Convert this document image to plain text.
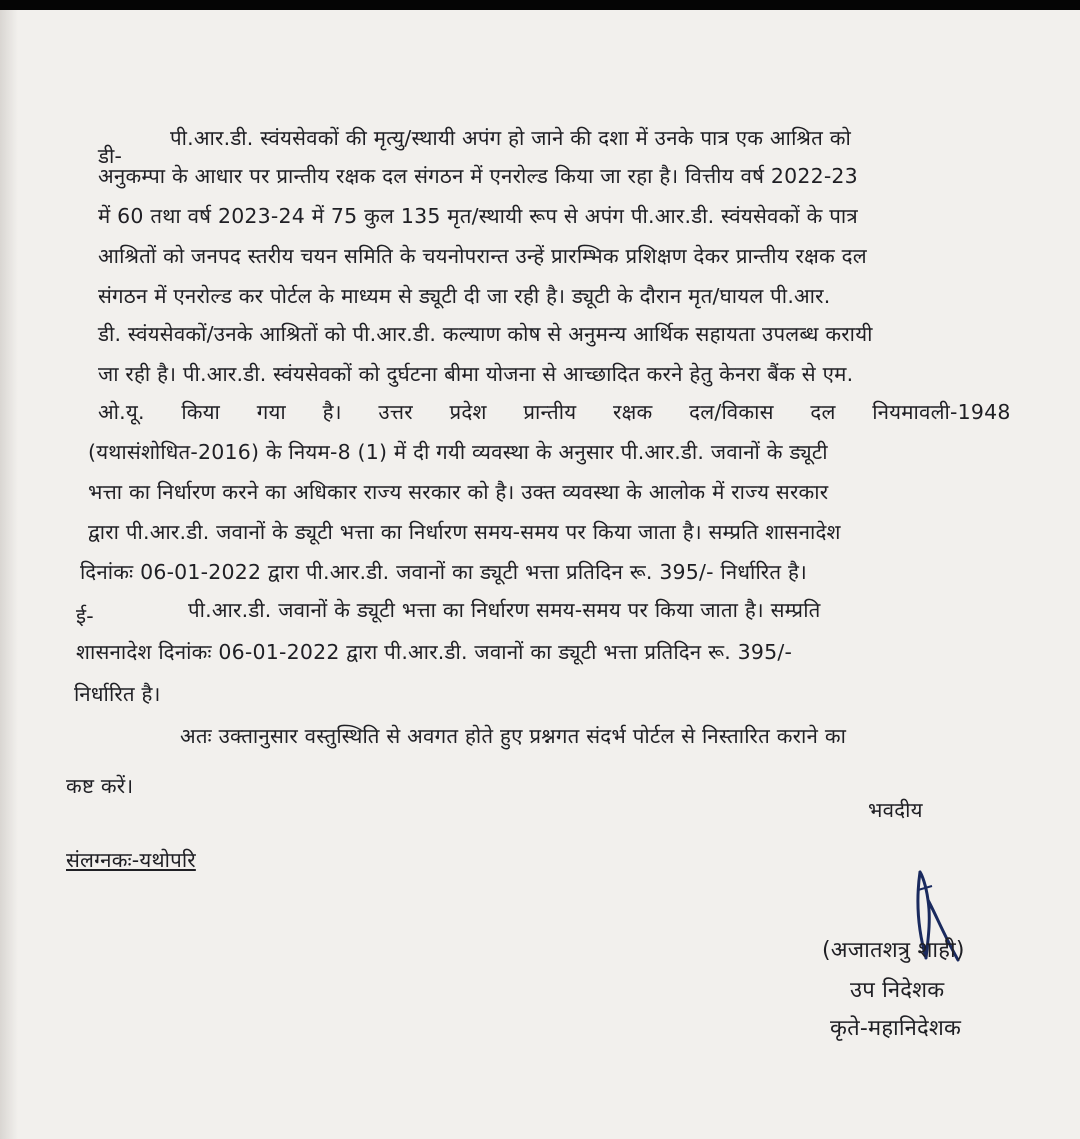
डी-
पी.आर.डी. स्वंयसेवकों की मृत्यु/स्थायी अपंग हो जाने की दशा में उनके पात्र एक आश्रित को
अनुकम्पा के आधार पर प्रान्तीय रक्षक दल संगठन में एनरोल्ड किया जा रहा है। वित्तीय वर्ष 2022-23
में 60 तथा वर्ष 2023-24 में 75 कुल 135 मृत/स्थायी रूप से अपंग पी.आर.डी. स्वंयसेवकों के पात्र
आश्रितों को जनपद स्तरीय चयन समिति के चयनोपरान्त उन्हें प्रारम्भिक प्रशिक्षण देकर प्रान्तीय रक्षक दल
संगठन में एनरोल्ड कर पोर्टल के माध्यम से ड्यूटी दी जा रही है। ड्यूटी के दौरान मृत/घायल पी.आर.
डी. स्वंयसेवकों/उनके आश्रितों को पी.आर.डी. कल्याण कोष से अनुमन्य आर्थिक सहायता उपलब्ध करायी
जा रही है। पी.आर.डी. स्वंयसेवकों को दुर्घटना बीमा योजना से आच्छादित करने हेतु केनरा बैंक से एम.
ओ.यू. किया गया है। उत्तर प्रदेश प्रान्तीय रक्षक दल/विकास दल नियमावली-1948
(यथासंशोधित-2016) के नियम-8 (1) में दी गयी व्यवस्था के अनुसार पी.आर.डी. जवानों के ड्यूटी
भत्ता का निर्धारण करने का अधिकार राज्य सरकार को है। उक्त व्यवस्था के आलोक में राज्य सरकार
द्वारा पी.आर.डी. जवानों के ड्यूटी भत्ता का निर्धारण समय-समय पर किया जाता है। सम्प्रति शासनादेश
दिनांकः 06-01-2022 द्वारा पी.आर.डी. जवानों का ड्यूटी भत्ता प्रतिदिन रू. 395/- निर्धारित है।
ई-	पी.आर.डी. जवानों के ड्यूटी भत्ता का निर्धारण समय-समय पर किया जाता है। सम्प्रति
शासनादेश दिनांकः 06-01-2022 द्वारा पी.आर.डी. जवानों का ड्यूटी भत्ता प्रतिदिन रू. 395/-
निर्धारित है।
अतः उक्तानुसार वस्तुस्थिति से अवगत होते हुए प्रश्नगत संदर्भ पोर्टल से निस्तारित कराने का
कष्ट करें।
संलग्नकः-यथोपरि
भवदीय
(अजातशत्रु शाही)
उप निदेशक
कृते-महानिदेशक
